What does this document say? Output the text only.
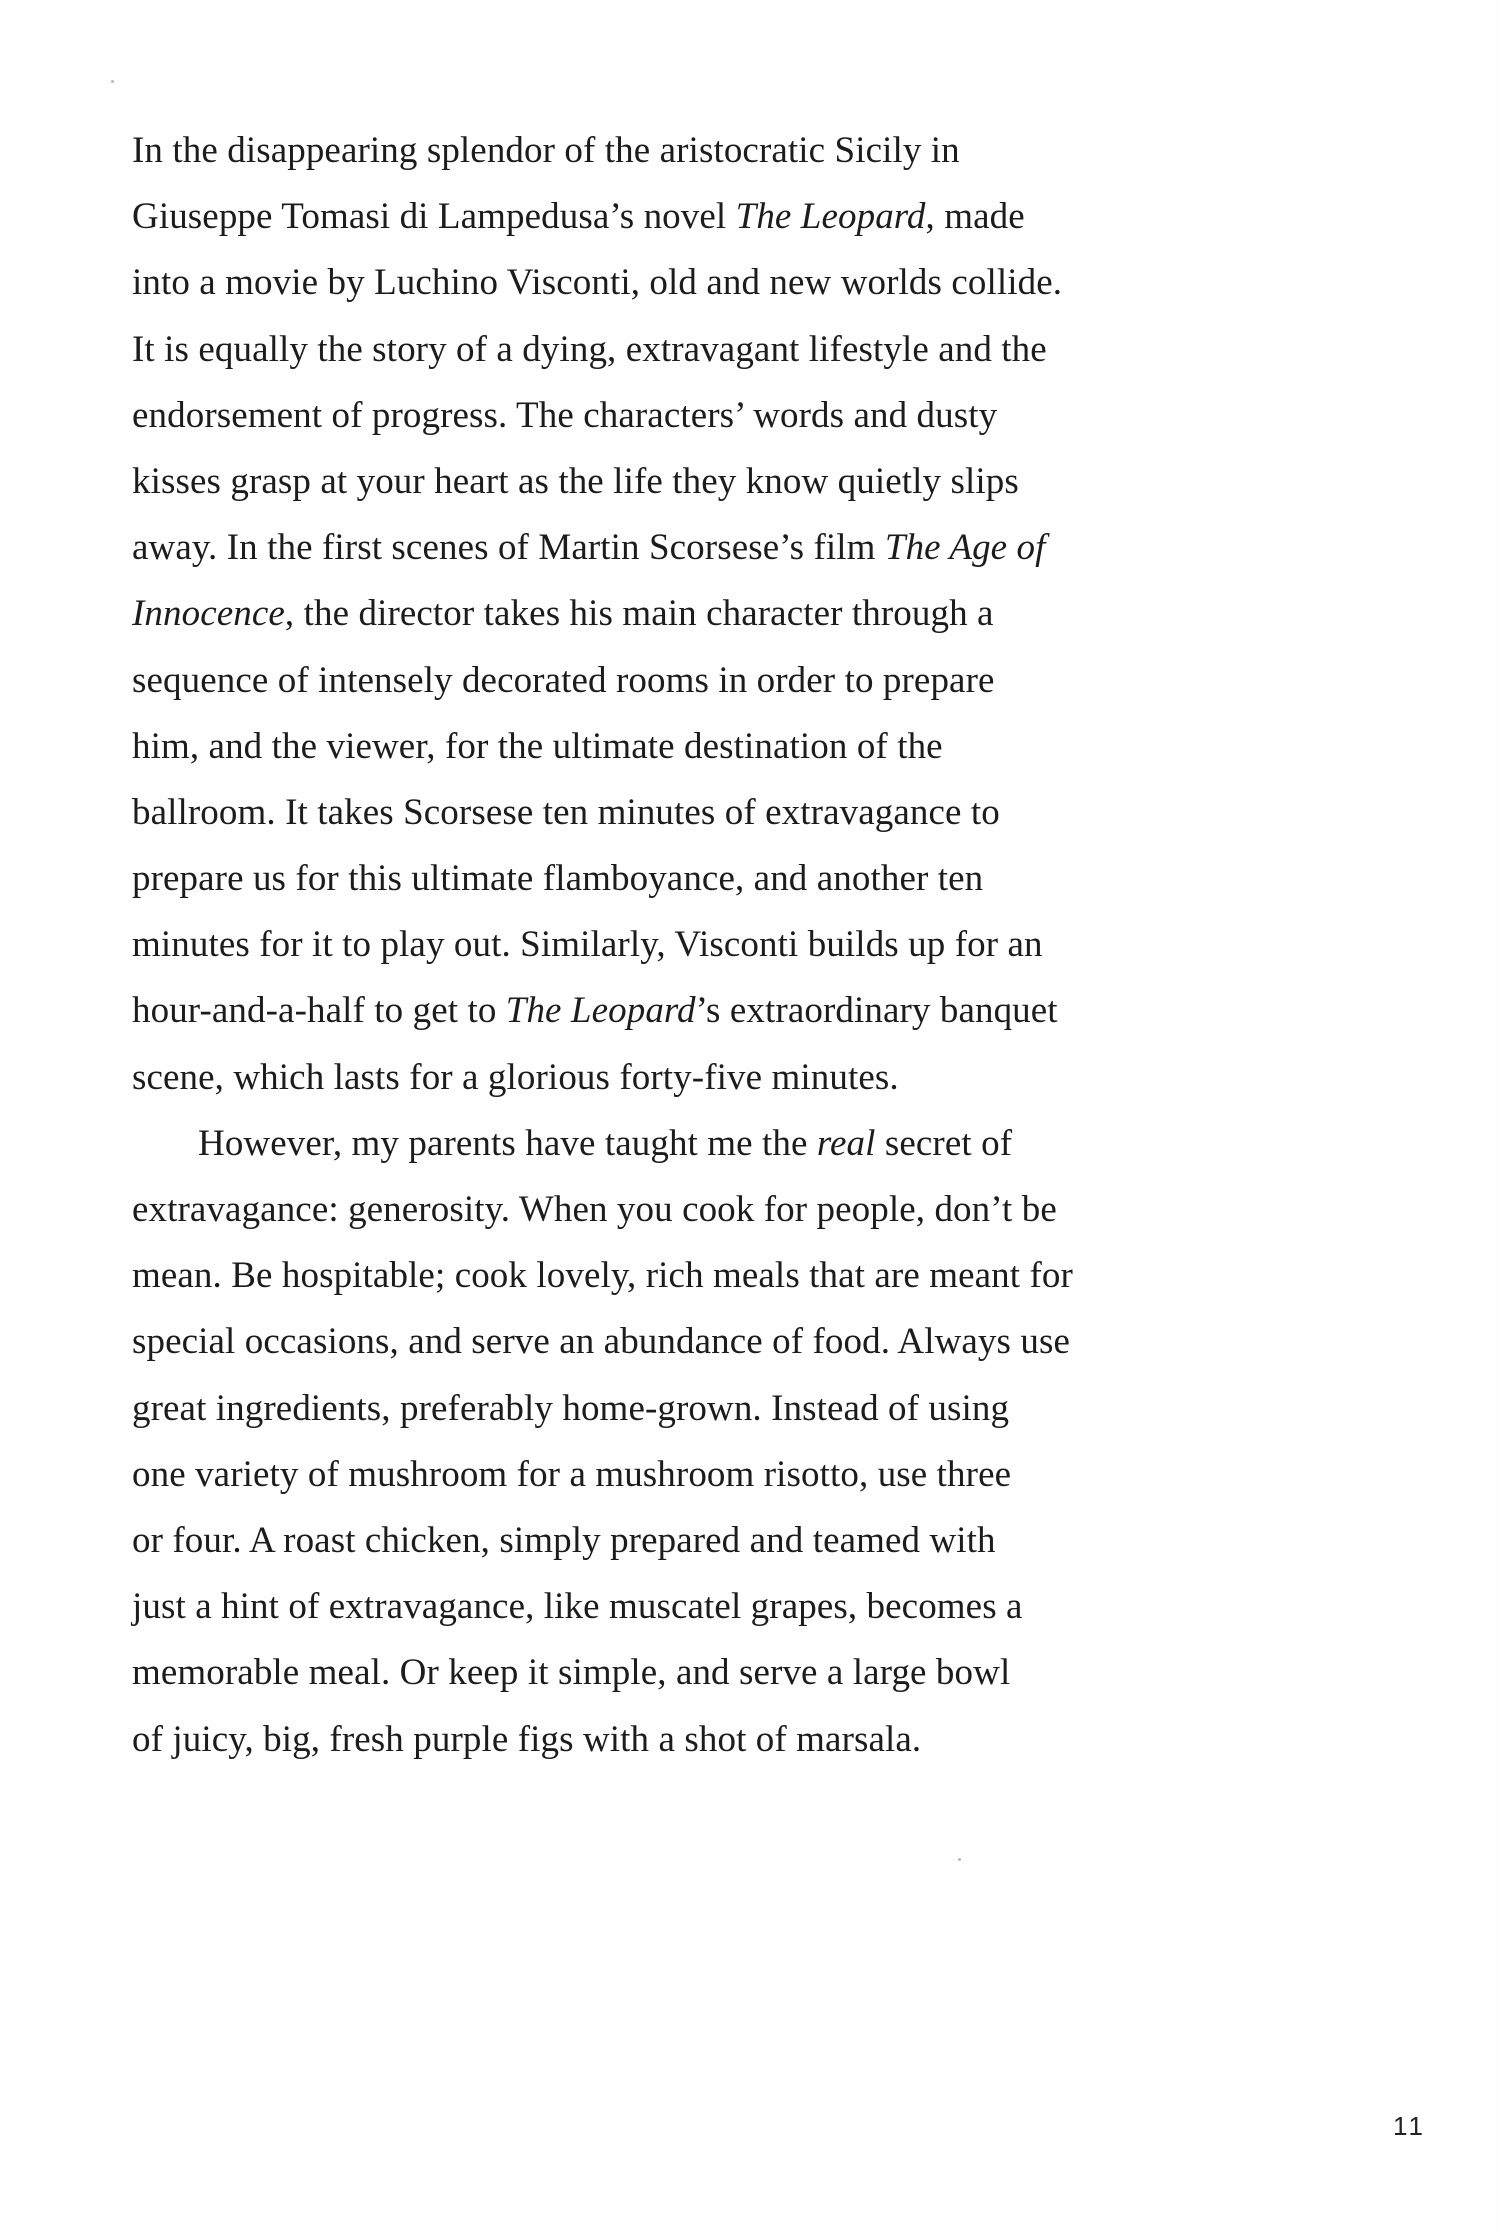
In the disappearing splendor of the aristocratic Sicily in
Giuseppe Tomasi di Lampedusa’s novel The Leopard, made
into a movie by Luchino Visconti, old and new worlds collide.
It is equally the story of a dying, extravagant lifestyle and the
endorsement of progress. The characters’ words and dusty
kisses grasp at your heart as the life they know quietly slips
away. In the first scenes of Martin Scorsese’s film The Age of
Innocence, the director takes his main character through a
sequence of intensely decorated rooms in order to prepare
him, and the viewer, for the ultimate destination of the
ballroom. It takes Scorsese ten minutes of extravagance to
prepare us for this ultimate flamboyance, and another ten
minutes for it to play out. Similarly, Visconti builds up for an
hour-and-a-half to get to The Leopard’s extraordinary banquet
scene, which lasts for a glorious forty-five minutes.
However, my parents have taught me the real secret of
extravagance: generosity. When you cook for people, don’t be
mean. Be hospitable; cook lovely, rich meals that are meant for
special occasions, and serve an abundance of food. Always use
great ingredients, preferably home-grown. Instead of using
one variety of mushroom for a mushroom risotto, use three
or four. A roast chicken, simply prepared and teamed with
just a hint of extravagance, like muscatel grapes, becomes a
memorable meal. Or keep it simple, and serve a large bowl
of juicy, big, fresh purple figs with a shot of marsala.
11
